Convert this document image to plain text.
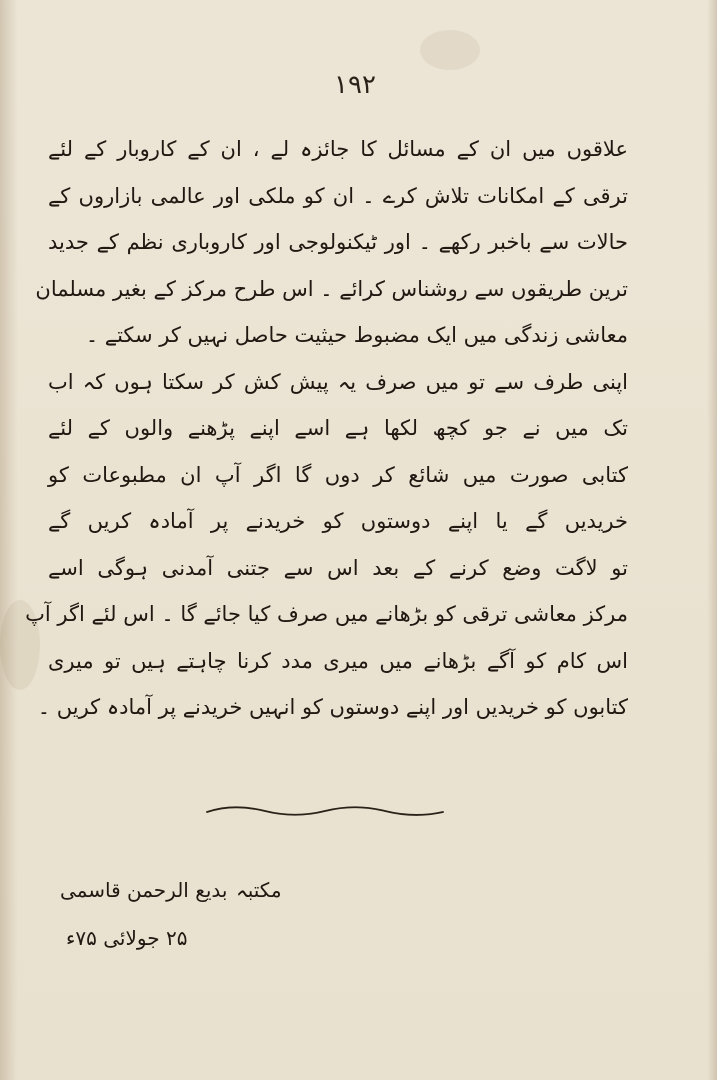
۱۹۲
علاقوں میں ان کے مسائل کا جائزہ لے ، ان کے کاروبار کے لئے
ترقی کے امکانات تلاش کرے ۔ ان کو ملکی اور عالمی بازاروں کے
حالات سے باخبر رکھے ۔ اور ٹیکنولوجی اور کاروباری نظم کے جدید
ترین طریقوں سے روشناس کرائے ۔ اس طرح مرکز کے بغیر مسلمان
معاشی زندگی میں ایک مضبوط حیثیت حاصل نہیں کر سکتے ۔
اپنی طرف سے تو میں صرف یہ پیش کش کر سکتا ہوں کہ اب
تک میں نے جو کچھ لکھا ہے اسے اپنے پڑھنے والوں کے لئے
کتابی صورت میں شائع کر دوں گا اگر آپ ان مطبوعات کو
خریدیں گے یا اپنے دوستوں کو خریدنے پر آمادہ کریں گے
تو لاگت وضع کرنے کے بعد اس سے جتنی آمدنی ہوگی اسے
مرکز معاشی ترقی کو بڑھانے میں صرف کیا جائے گا ۔ اس لئے اگر آپ
اس کام کو آگے بڑھانے میں میری مدد کرنا چاہتے ہیں تو میری
کتابوں کو خریدیں اور اپنے دوستوں کو انہیں خریدنے پر آمادہ کریں ۔
مکتبہ
بدیع الرحمن قاسمی
۲۵ جولائی ۷۵ء
